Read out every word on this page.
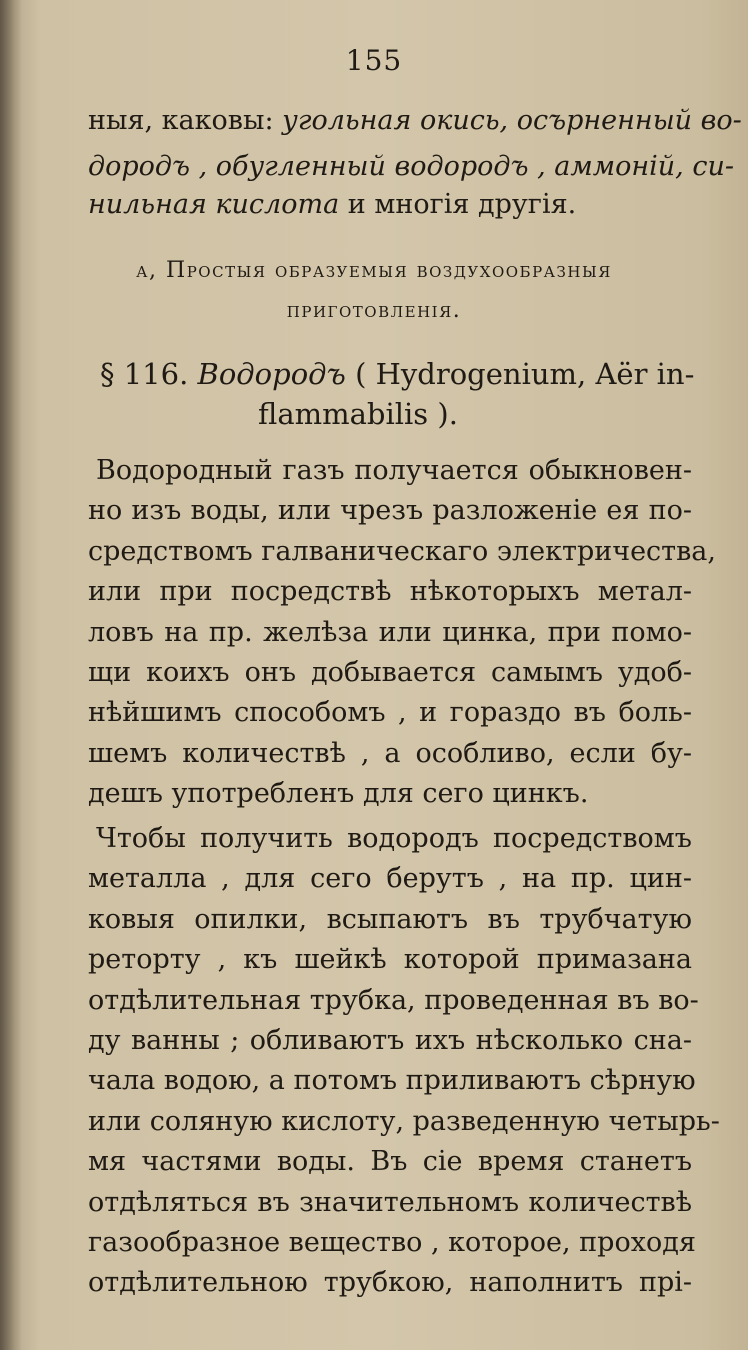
155
ныя, каковы: угольная окись, осърненный во-
дородъ , обугленный водородъ , аммоній, си-
нильная кислота и многія другія.
а, Простыя образуемыя воздухообразныя
приготовленія.
§ 116. Водородъ ( Hydrogenium, Aër in-
flammabilis ).
Водородный газъ получается обыкновен-
но изъ воды, или чрезъ разложеніе ея по-
средствомъ галваническаго электричества,
или при посредствѣ нѣкоторыхъ метал-
ловъ на пр. желѣза или цинка, при помо-
щи коихъ онъ добывается самымъ удоб-
нѣйшимъ способомъ , и гораздо въ боль-
шемъ количествѣ , а особливо, если бу-
дешъ употребленъ для сего цинкъ.
Чтобы получить водородъ посредствомъ
металла , для сего берутъ , на пр. цин-
ковыя опилки, всыпаютъ въ трубчатую
реторту , къ шейкѣ которой примазана
отдѣлительная трубка, проведенная въ во-
ду ванны ; обливаютъ ихъ нѣсколько сна-
чала водою, а потомъ приливаютъ сѣрную
или соляную кислоту, разведенную четырь-
мя частями воды. Въ сіе время станетъ
отдѣляться въ значительномъ количествѣ
газообразное вещество , которое, проходя
отдѣлительною трубкою, наполнитъ прі-
